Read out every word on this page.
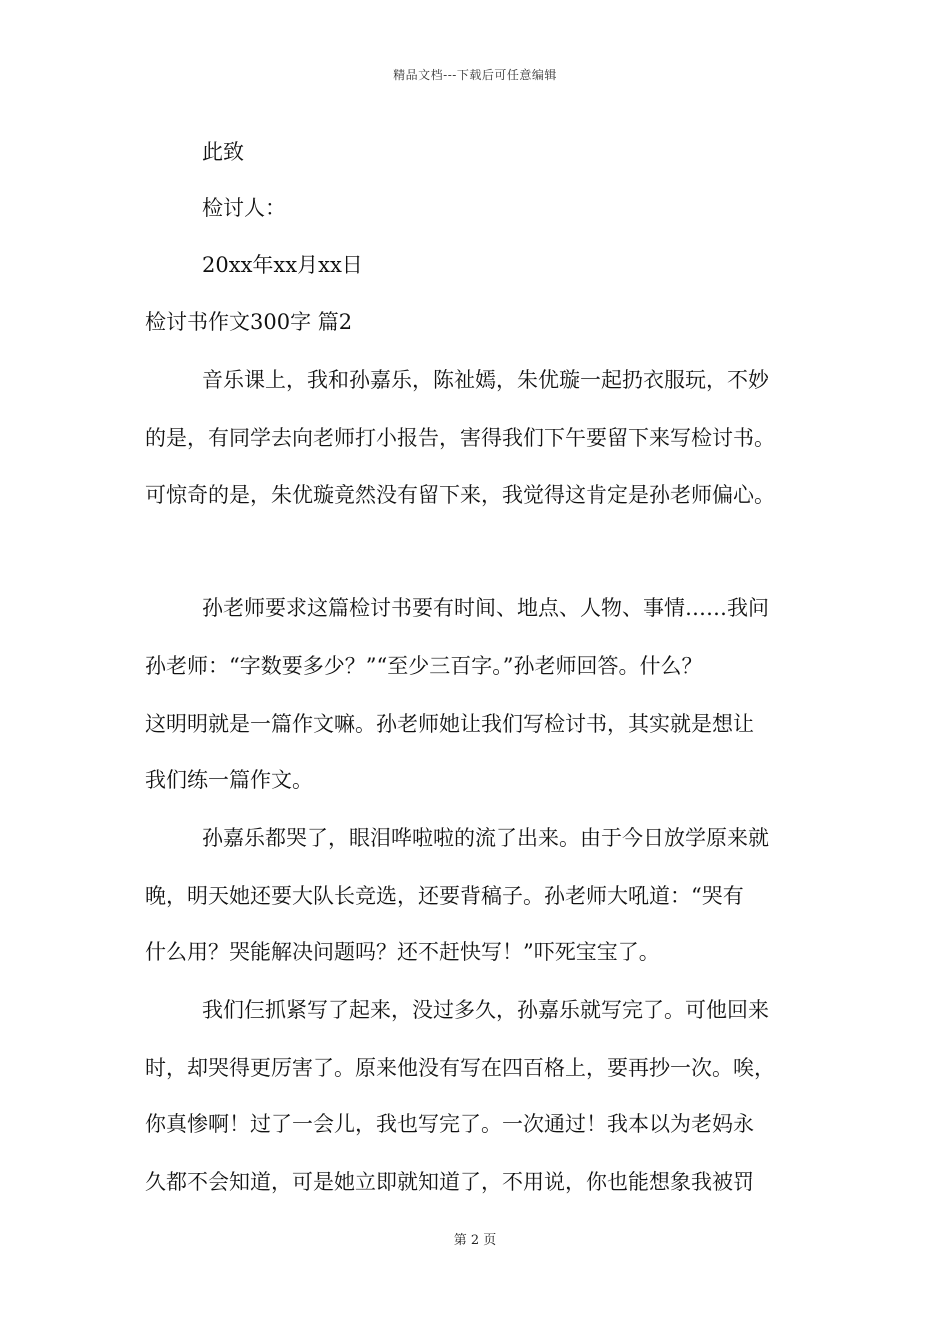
精品文档---下载后可任意编辑
此致
检讨人：
20xx年xx月xx日
检讨书作文300字 篇2
音乐课上，我和孙嘉乐，陈祉嫣，朱优璇一起扔衣服玩，不妙
的是，有同学去向老师打小报告，害得我们下午要留下来写检讨书。
可惊奇的是，朱优璇竟然没有留下来，我觉得这肯定是孙老师偏心。
孙老师要求这篇检讨书要有时间、地点、人物、事情……我问
孙老师：“字数要多少？”“至少三百字。”孙老师回答。什么？
这明明就是一篇作文嘛。孙老师她让我们写检讨书，其实就是想让
我们练一篇作文。
孙嘉乐都哭了，眼泪哗啦啦的流了出来。由于今日放学原来就
晚，明天她还要大队长竞选，还要背稿子。孙老师大吼道：“哭有
什么用？哭能解决问题吗？还不赶快写！”吓死宝宝了。
我们仨抓紧写了起来，没过多久，孙嘉乐就写完了。可他回来
时，却哭得更厉害了。原来他没有写在四百格上，要再抄一次。唉，
你真惨啊！过了一会儿，我也写完了。一次通过！我本以为老妈永
久都不会知道，可是她立即就知道了，不用说，你也能想象我被罚
第 2 页
